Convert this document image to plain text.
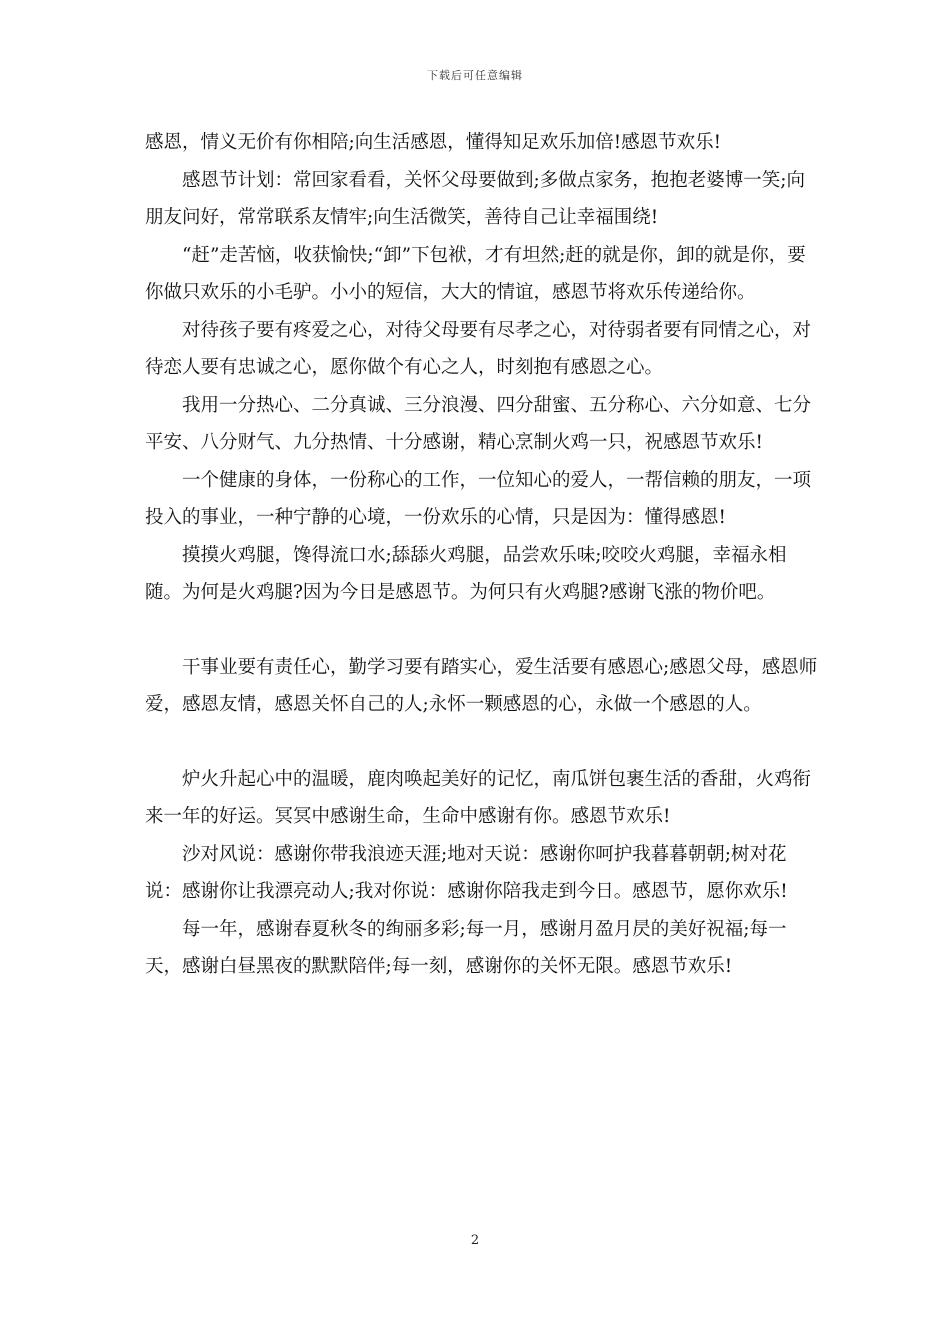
下载后可任意编辑

感恩，情义无价有你相陪;向生活感恩，懂得知足欢乐加倍!感恩节欢乐!

感恩节计划：常回家看看，关怀父母要做到;多做点家务，抱抱老婆博一笑;向朋友问好，常常联系友情牢;向生活微笑，善待自己让幸福围绕!

“赶”走苦恼，收获愉快;“卸”下包袱，才有坦然;赶的就是你，卸的就是你，要你做只欢乐的小毛驴。小小的短信，大大的情谊，感恩节将欢乐传递给你。

对待孩子要有疼爱之心，对待父母要有尽孝之心，对待弱者要有同情之心，对待恋人要有忠诚之心，愿你做个有心之人，时刻抱有感恩之心。

我用一分热心、二分真诚、三分浪漫、四分甜蜜、五分称心、六分如意、七分平安、八分财气、九分热情、十分感谢，精心烹制火鸡一只，祝感恩节欢乐!

一个健康的身体，一份称心的工作，一位知心的爱人，一帮信赖的朋友，一项投入的事业，一种宁静的心境，一份欢乐的心情，只是因为：懂得感恩!

摸摸火鸡腿，馋得流口水;舔舔火鸡腿，品尝欢乐味;咬咬火鸡腿，幸福永相随。为何是火鸡腿?因为今日是感恩节。为何只有火鸡腿?感谢飞涨的物价吧。

干事业要有责任心，勤学习要有踏实心，爱生活要有感恩心;感恩父母，感恩师爱，感恩友情，感恩关怀自己的人;永怀一颗感恩的心，永做一个感恩的人。

炉火升起心中的温暖，鹿肉唤起美好的记忆，南瓜饼包裹生活的香甜，火鸡衔来一年的好运。冥冥中感谢生命，生命中感谢有你。感恩节欢乐!

沙对风说：感谢你带我浪迹天涯;地对天说：感谢你呵护我暮暮朝朝;树对花说：感谢你让我漂亮动人;我对你说：感谢你陪我走到今日。感恩节，愿你欢乐!

每一年，感谢春夏秋冬的绚丽多彩;每一月，感谢月盈月昃的美好祝福;每一天，感谢白昼黑夜的默默陪伴;每一刻，感谢你的关怀无限。感恩节欢乐!

2
